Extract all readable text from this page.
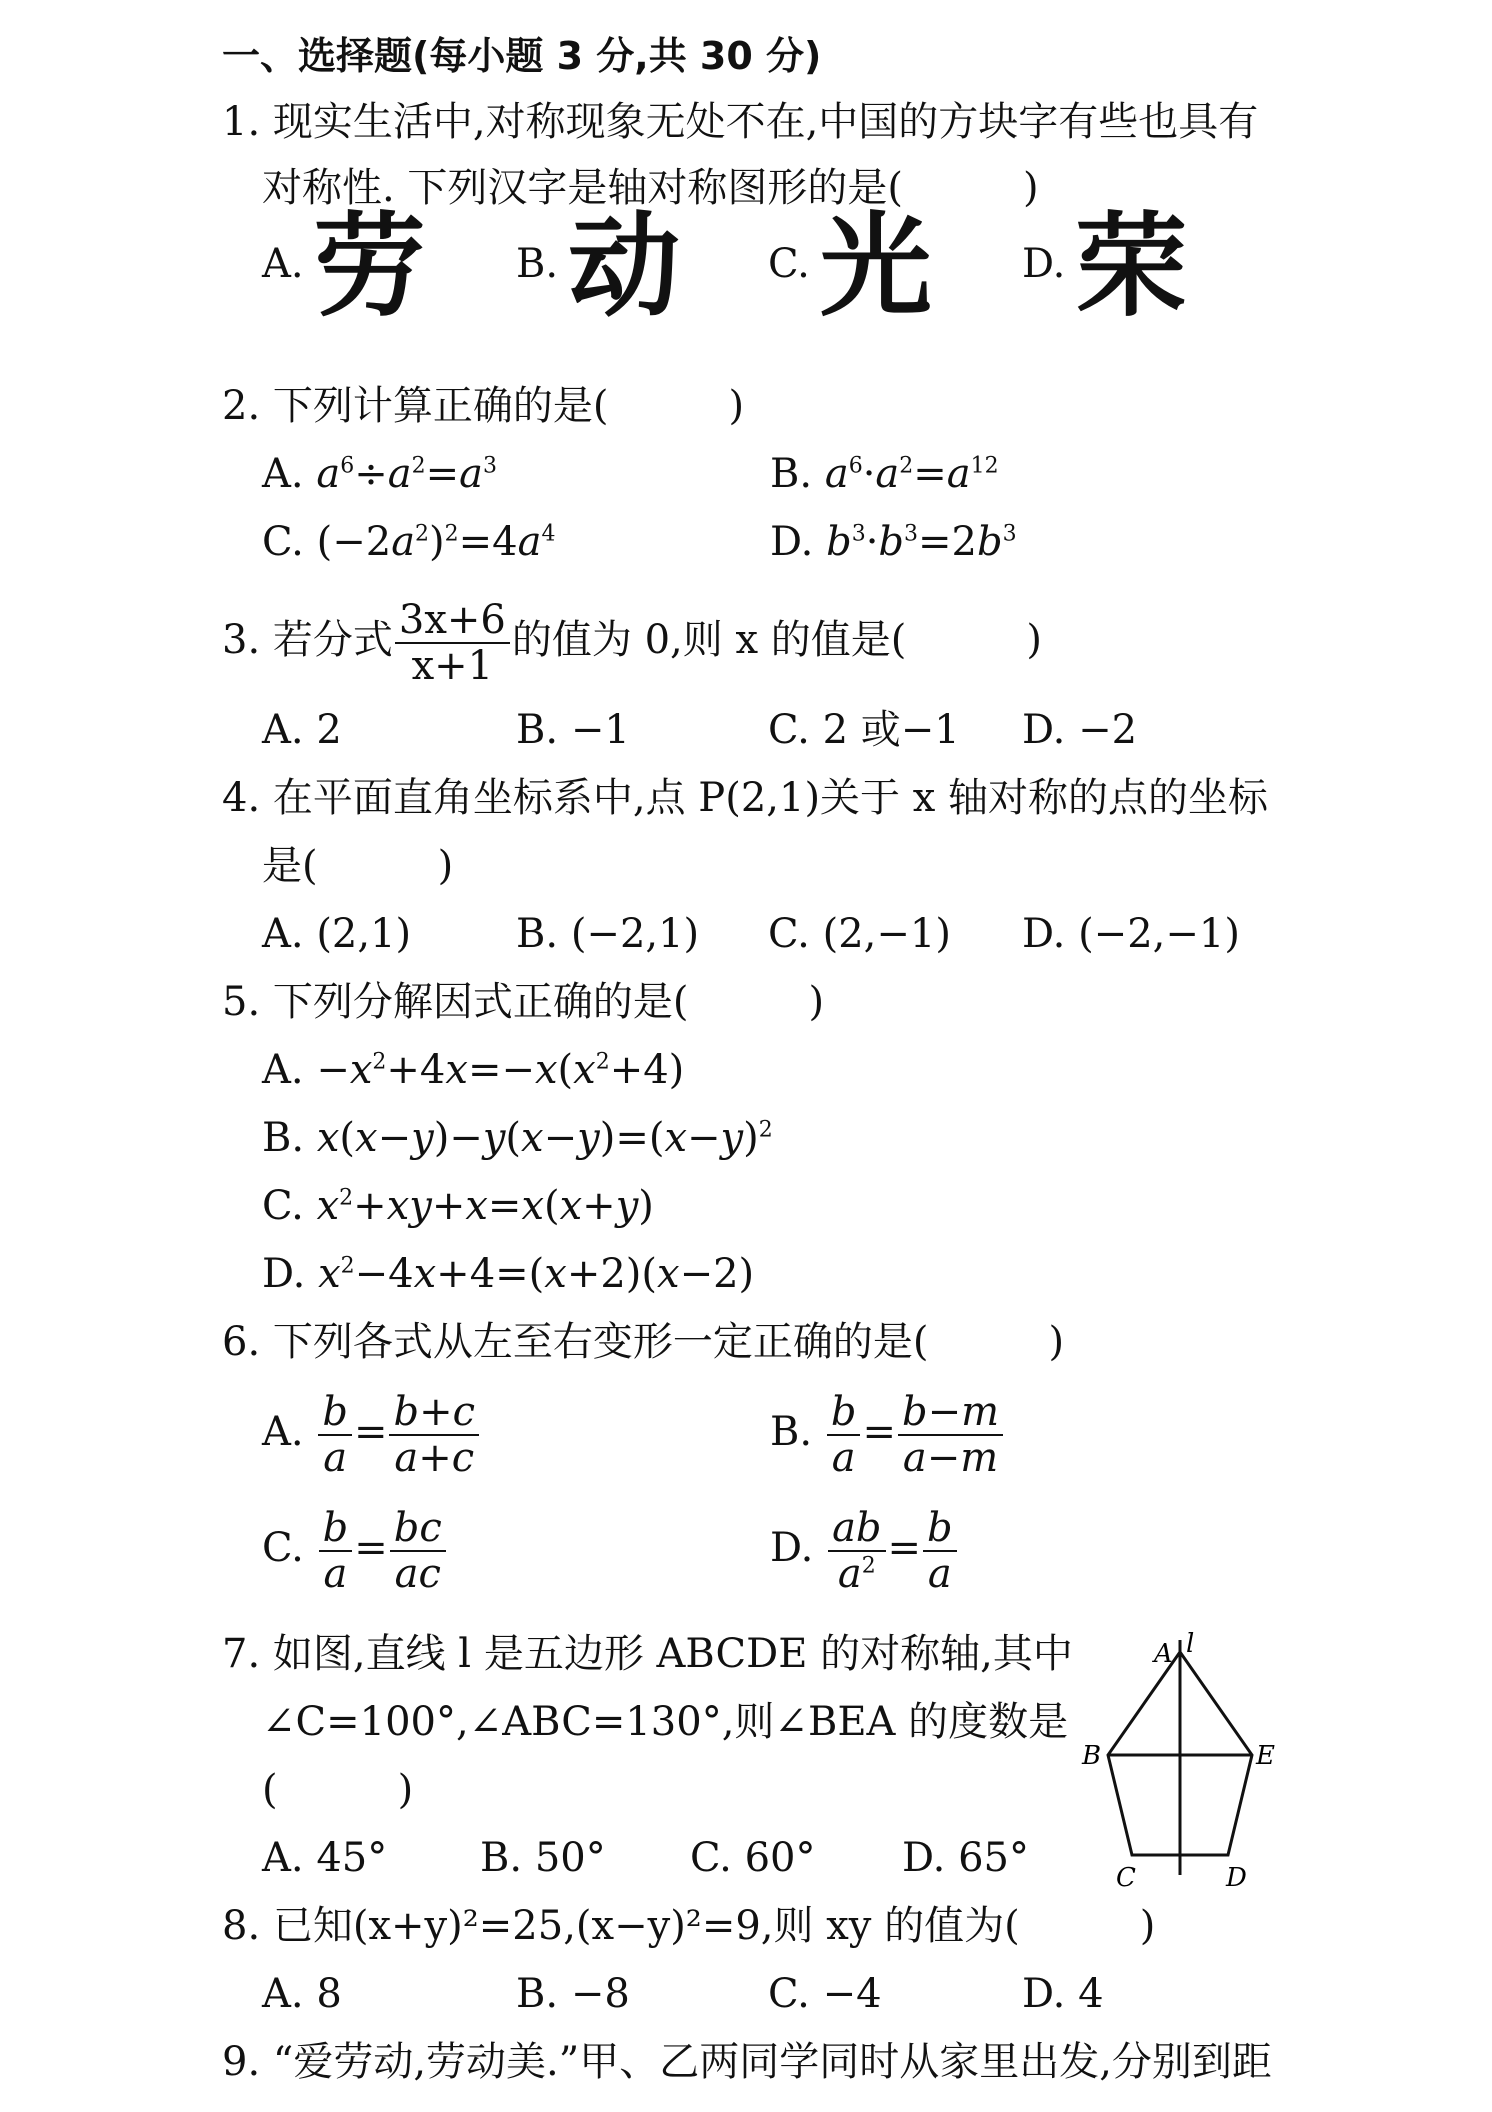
一、选择题(每小题 3 分,共 30 分)
1. 现实生活中,对称现象无处不在,中国的方块字有些也具有
对称性. 下列汉字是轴对称图形的是(　　　)
A.劳 B.动 C.光 D.荣
2. 下列计算正确的是(　　　)
A. $a^6\div a^2=a^3$	B. $a^6\cdot a^2=a^{12}$
C. $(-2a^2)^2=4a^4$	D. $b^3\cdot b^3=2b^3$
3. 若分式 $\frac{3x+6}{x+1}$ 的值为 0,则 x 的值是(　　　)
A. 2	B. −1	C. 2 或−1 D. −2
4. 在平面直角坐标系中,点 P(2,1)关于 x 轴对称的点的坐标
是(　　　)
A. (2,1)	B. (−2,1) C. (2,−1) D. (−2,−1)
5. 下列分解因式正确的是(　　　)
A. $-x^2+4x=-x(x^2+4)$
B. $x(x-y)-y(x-y)=(x-y)^2$
C. $x^2+xy+x=x(x+y)$
D. $x^2-4x+4=(x+2)(x-2)$
6. 下列各式从左至右变形一定正确的是(　　　)
A. $\frac{b}{a} = \frac{b+c}{a+c}$	B. $\frac{b}{a} = \frac{b-m}{a-m}$
C. $\frac{b}{a} = \frac{bc}{ac}$	D. $\frac{ab}{a^2} = \frac{b}{a}$
7. 如图,直线 l 是五边形 ABCDE 的对称轴,其中
∠C=100°,∠ABC=130°,则∠BEA 的度数是
(　　　)
A. 45° B. 50° C. 60° D. 65°
A l
B	E
C	D
8. 已知(x+y)²=25,(x−y)²=9,则 xy 的值为(　　　)
A. 8	B. −8	C. −4	D. 4
9. “爱劳动,劳动美.”甲、乙两同学同时从家里出发,分别到距
